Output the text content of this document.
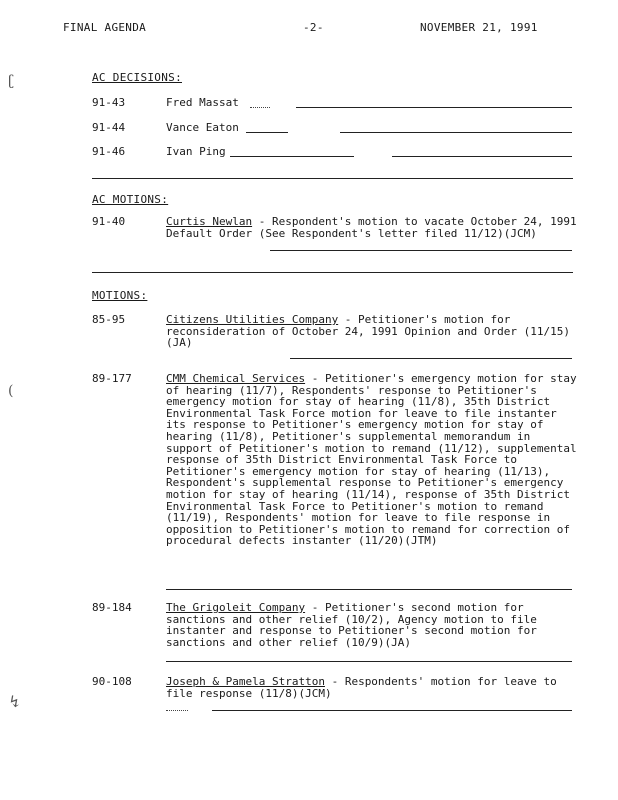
FINAL AGENDA	-2-	NOVEMBER 21, 1991
ʗ
(
↯
AC DECISIONS:
91-43	Fred Massat
91-44	Vance Eaton
91-46	Ivan Ping
AC MOTIONS:
91-40	Curtis Newlan - Respondent's motion to vacate October 24, 1991 Default Order (See Respondent's letter filed 11/12)(JCM)
MOTIONS:
85-95	Citizens Utilities Company - Petitioner's motion for reconsideration of October 24, 1991 Opinion and Order (11/15)(JA)
89-177	CMM Chemical Services - Petitioner's emergency motion for stay of hearing (11/7), Respondents' response to Petitioner's emergency motion for stay of hearing (11/8), 35th District Environmental Task Force motion for leave to file instanter its response to Petitioner's emergency motion for stay of hearing (11/8), Petitioner's supplemental memorandum in support of Petitioner's motion to remand (11/12), supplemental response of 35th District Environmental Task Force to Petitioner's emergency motion for stay of hearing (11/13), Respondent's supplemental response to Petitioner's emergency motion for stay of hearing (11/14), response of 35th District Environmental Task Force to Petitioner's motion to remand (11/19), Respondents' motion for leave to file response in opposition to Petitioner's motion to remand for correction of procedural defects instanter (11/20)(JTM)
89-184	The Grigoleit Company - Petitioner's second motion for sanctions and other relief (10/2), Agency motion to file instanter and response to Petitioner's second motion for sanctions and other relief (10/9)(JA)
90-108	Joseph & Pamela Stratton - Respondents' motion for leave to file response (11/8)(JCM)
